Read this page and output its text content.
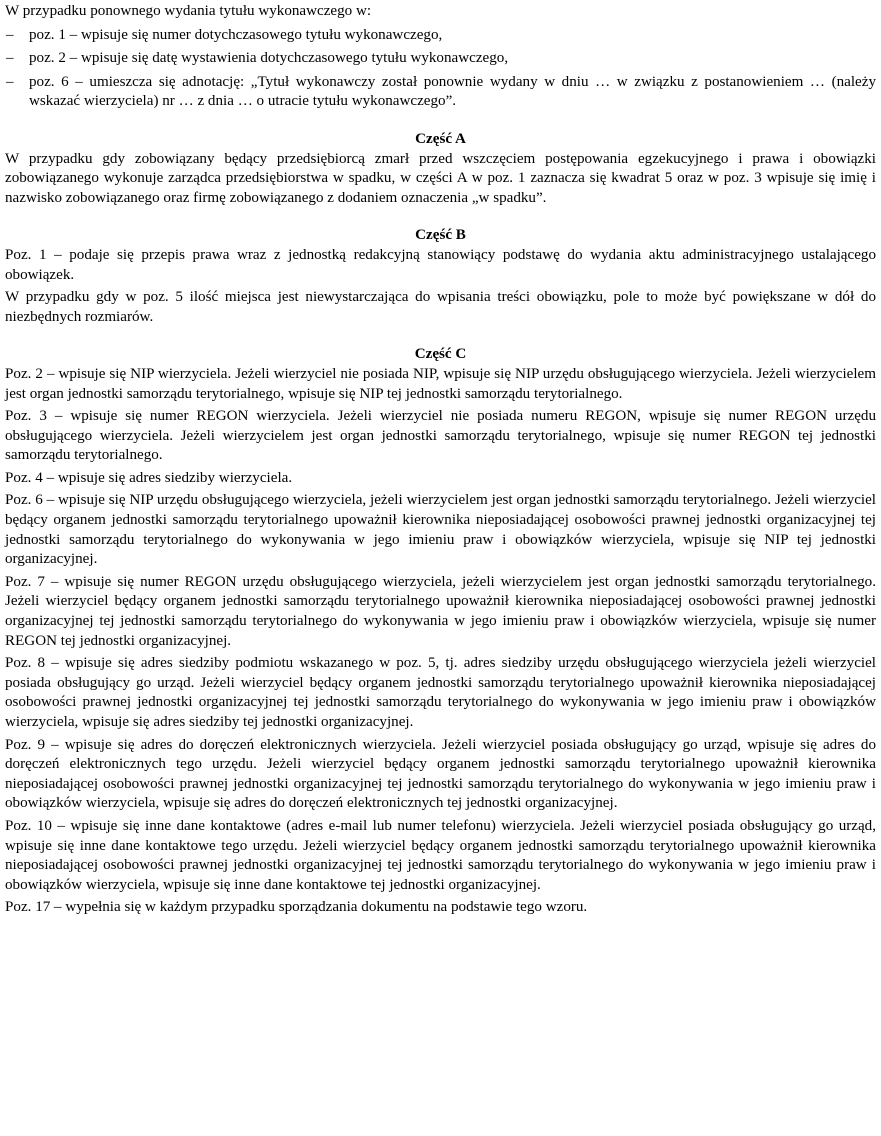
W przypadku ponownego wydania tytułu wykonawczego w:

– poz. 1 – wpisuje się numer dotychczasowego tytułu wykonawczego,
– poz. 2 – wpisuje się datę wystawienia dotychczasowego tytułu wykonawczego,
– poz. 6 – umieszcza się adnotację: „Tytuł wykonawczy został ponownie wydany w dniu … w związku z postanowieniem … (należy wskazać wierzyciela) nr … z dnia … o utracie tytułu wykonawczego”.
Część A

W przypadku gdy zobowiązany będący przedsiębiorcą zmarł przed wszczęciem postępowania egzekucyjnego i prawa i obowiązki zobowiązanego wykonuje zarządca przedsiębiorstwa w spadku, w części A w poz. 1 zaznacza się kwadrat 5 oraz w poz. 3 wpisuje się imię i nazwisko zobowiązanego oraz firmę zobowiązanego z dodaniem oznaczenia „w spadku”.

Część B

Poz. 1 – podaje się przepis prawa wraz z jednostką redakcyjną stanowiący podstawę do wydania aktu administracyjnego ustalającego obowiązek.

W przypadku gdy w poz. 5 ilość miejsca jest niewystarczająca do wpisania treści obowiązku, pole to może być powiększane w dół do niezbędnych rozmiarów.

Część C

Poz. 2 – wpisuje się NIP wierzyciela. Jeżeli wierzyciel nie posiada NIP, wpisuje się NIP urzędu obsługującego wierzyciela. Jeżeli wierzycielem jest organ jednostki samorządu terytorialnego, wpisuje się NIP tej jednostki samorządu terytorialnego.

Poz. 3 – wpisuje się numer REGON wierzyciela. Jeżeli wierzyciel nie posiada numeru REGON, wpisuje się numer REGON urzędu obsługującego wierzyciela. Jeżeli wierzycielem jest organ jednostki samorządu terytorialnego, wpisuje się numer REGON tej jednostki samorządu terytorialnego.

Poz. 4 – wpisuje się adres siedziby wierzyciela.

Poz. 6 – wpisuje się NIP urzędu obsługującego wierzyciela, jeżeli wierzycielem jest organ jednostki samorządu terytorialnego. Jeżeli wierzyciel będący organem jednostki samorządu terytorialnego upoważnił kierownika nieposiadającej osobowości prawnej jednostki organizacyjnej tej jednostki samorządu terytorialnego do wykonywania w jego imieniu praw i obowiązków wierzyciela, wpisuje się NIP tej jednostki organizacyjnej.

Poz. 7 – wpisuje się numer REGON urzędu obsługującego wierzyciela, jeżeli wierzycielem jest organ jednostki samorządu terytorialnego. Jeżeli wierzyciel będący organem jednostki samorządu terytorialnego upoważnił kierownika nieposiadającej osobowości prawnej jednostki organizacyjnej tej jednostki samorządu terytorialnego do wykonywania w jego imieniu praw i obowiązków wierzyciela, wpisuje się numer REGON tej jednostki organizacyjnej.

Poz. 8 – wpisuje się adres siedziby podmiotu wskazanego w poz. 5, tj. adres siedziby urzędu obsługującego wierzyciela jeżeli wierzyciel posiada obsługujący go urząd. Jeżeli wierzyciel będący organem jednostki samorządu terytorialnego upoważnił kierownika nieposiadającej osobowości prawnej jednostki organizacyjnej tej jednostki samorządu terytorialnego do wykonywania w jego imieniu praw i obowiązków wierzyciela, wpisuje się adres siedziby tej jednostki organizacyjnej.

Poz. 9 – wpisuje się adres do doręczeń elektronicznych wierzyciela. Jeżeli wierzyciel posiada obsługujący go urząd, wpisuje się adres do doręczeń elektronicznych tego urzędu. Jeżeli wierzyciel będący organem jednostki samorządu terytorialnego upoważnił kierownika nieposiadającej osobowości prawnej jednostki organizacyjnej tej jednostki samorządu terytorialnego do wykonywania w jego imieniu praw i obowiązków wierzyciela, wpisuje się adres do doręczeń elektronicznych tej jednostki organizacyjnej.

Poz. 10 – wpisuje się inne dane kontaktowe (adres e-mail lub numer telefonu) wierzyciela. Jeżeli wierzyciel posiada obsługujący go urząd, wpisuje się inne dane kontaktowe tego urzędu. Jeżeli wierzyciel będący organem jednostki samorządu terytorialnego upoważnił kierownika nieposiadającej osobowości prawnej jednostki organizacyjnej tej jednostki samorządu terytorialnego do wykonywania w jego imieniu praw i obowiązków wierzyciela, wpisuje się inne dane kontaktowe tej jednostki organizacyjnej.

Poz. 17 – wypełnia się w każdym przypadku sporządzania dokumentu na podstawie tego wzoru.
